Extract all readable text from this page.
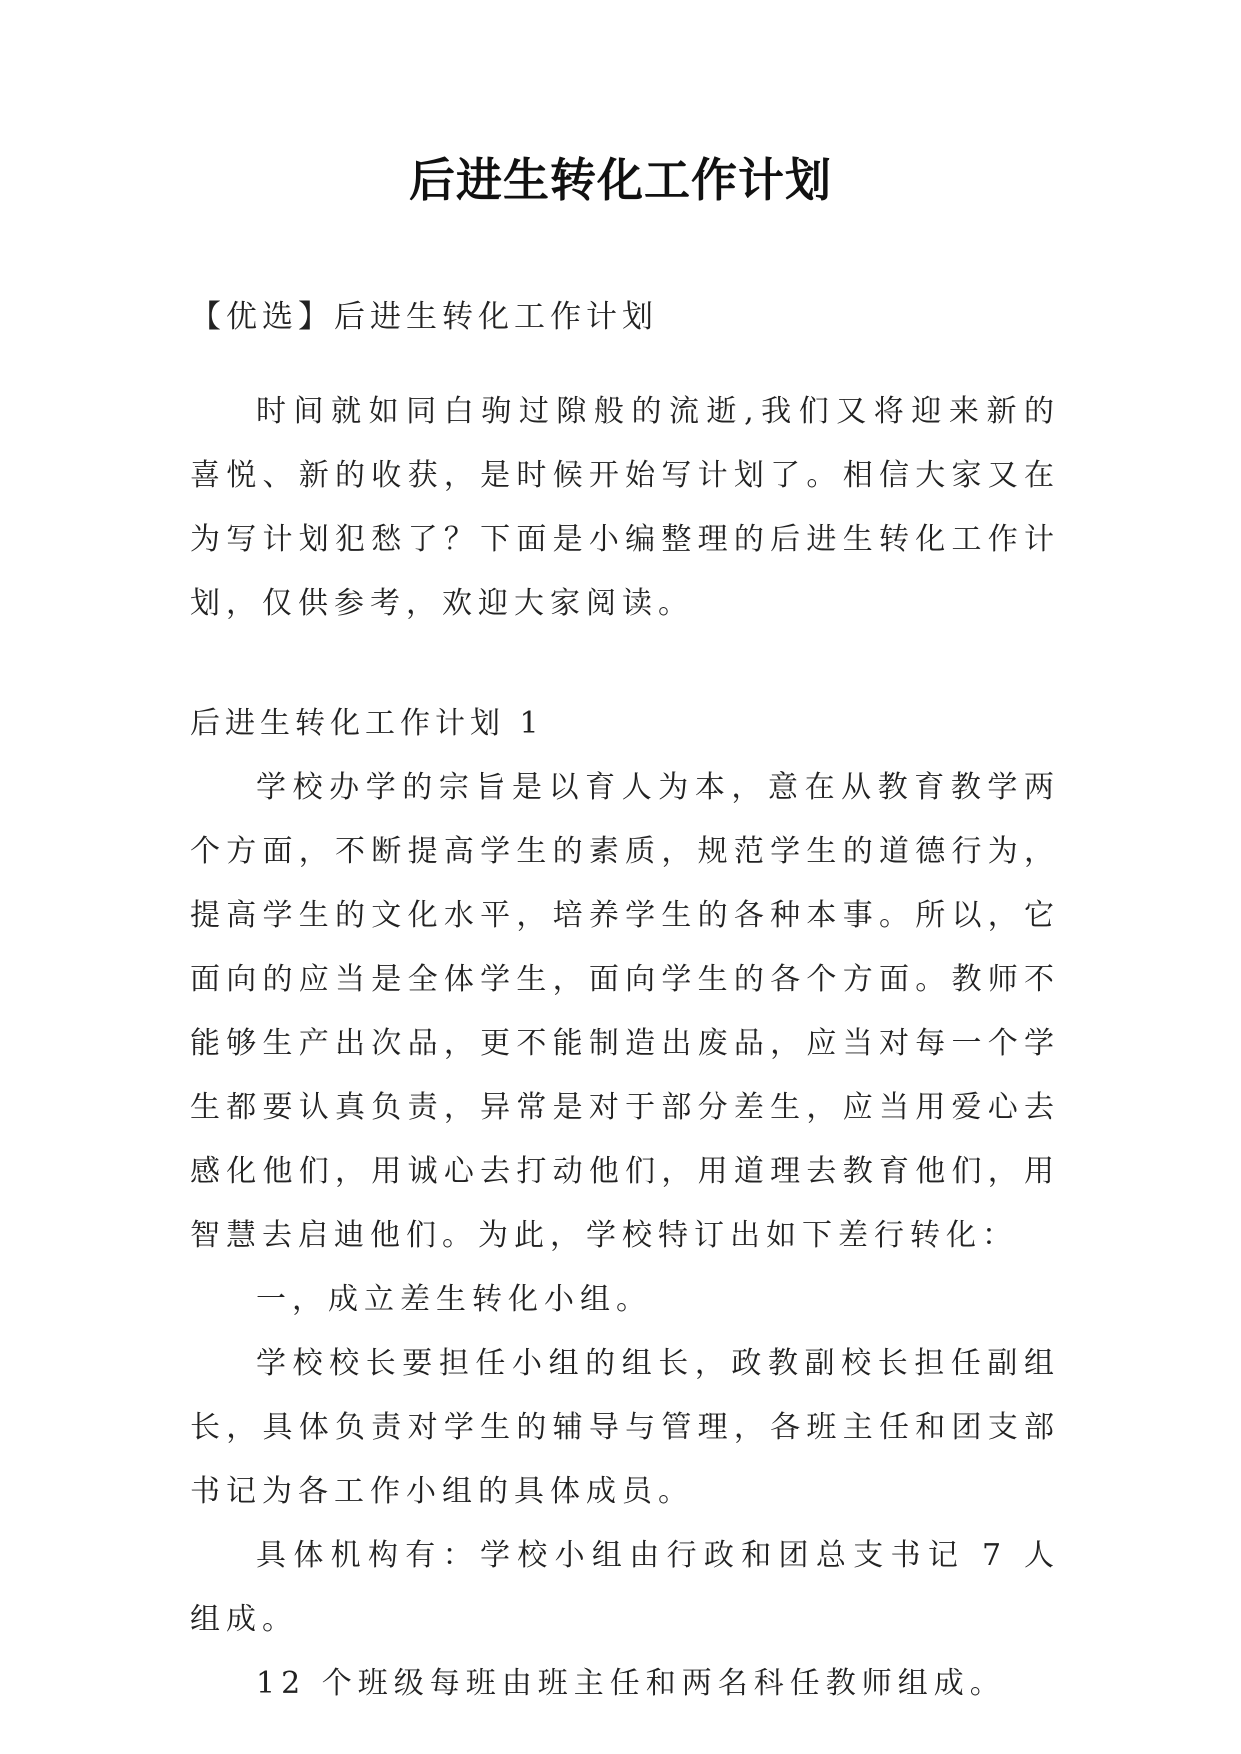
后进生转化工作计划
【优选】后进生转化工作计划

时间就如同白驹过隙般的流逝,我们又将迎来新的喜悦、新的收获，是时候开始写计划了。相信大家又在为写计划犯愁了？下面是小编整理的后进生转化工作计划，仅供参考，欢迎大家阅读。

后进生转化工作计划 1

学校办学的宗旨是以育人为本，意在从教育教学两个方面，不断提高学生的素质，规范学生的道德行为，提高学生的文化水平，培养学生的各种本事。所以，它面向的应当是全体学生，面向学生的各个方面。教师不能够生产出次品，更不能制造出废品，应当对每一个学生都要认真负责，异常是对于部分差生，应当用爱心去感化他们，用诚心去打动他们，用道理去教育他们，用智慧去启迪他们。为此，学校特订出如下差行转化：

一，成立差生转化小组。

学校校长要担任小组的组长，政教副校长担任副组长，具体负责对学生的辅导与管理，各班主任和团支部书记为各工作小组的具体成员。

具体机构有：学校小组由行政和团总支书记 7 人组成。

12 个班级每班由班主任和两名科任教师组成。
